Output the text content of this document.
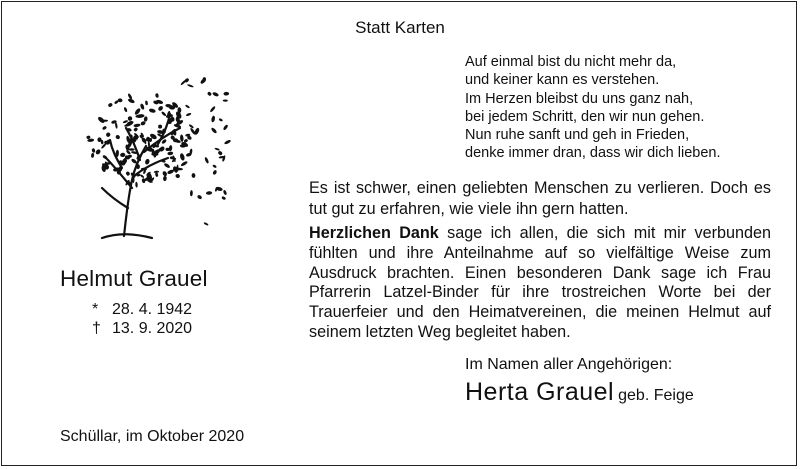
Statt Karten
Auf einmal bist du nicht mehr da,
und keiner kann es verstehen.
Im Herzen bleibst du uns ganz nah,
bei jedem Schritt, den wir nun gehen.
Nun ruhe sanft und geh in Frieden,
denke immer dran, dass wir dich lieben.
Helmut Grauel
* 28. 4. 1942
† 13. 9. 2020
Es ist schwer, einen geliebten Menschen zu verlieren. Doch es tut gut zu erfahren, wie viele ihn gern hatten.
Herzlichen Dank sage ich allen, die sich mit mir verbunden fühlten und ihre Anteilnahme auf so vielfältige Weise zum Ausdruck brachten. Einen besonderen Dank sage ich Frau Pfarrerin Latzel-Binder für ihre trostreichen Worte bei der Trauerfeier und den Heimatvereinen, die meinen Helmut auf seinem letzten Weg begleitet haben.
Im Namen aller Angehörigen:
Herta Grauel geb. Feige
Schüllar, im Oktober 2020
